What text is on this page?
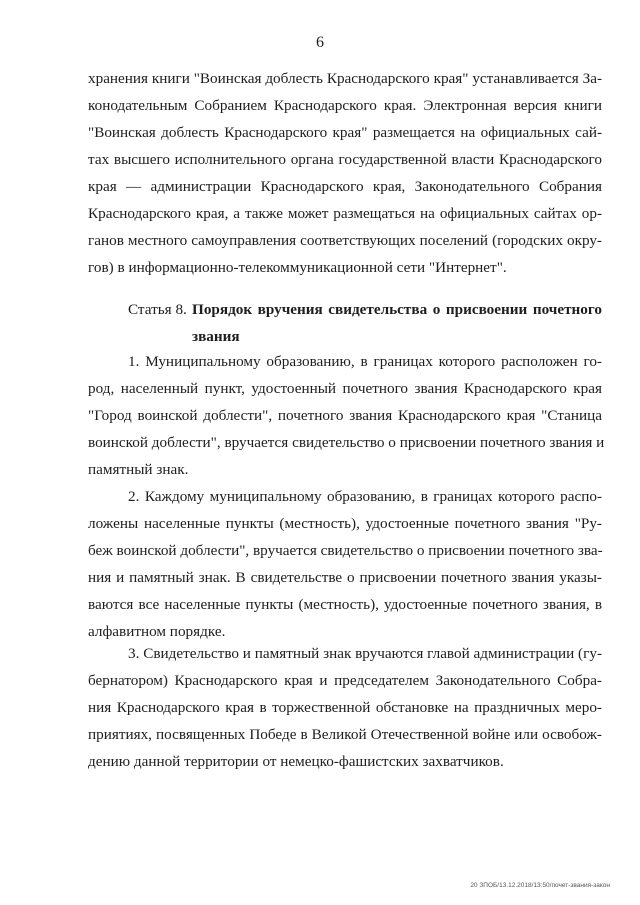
6
хранения книги "Воинская доблесть Краснодарского края" устанавливается За-
конодательным Собранием Краснодарского края. Электронная версия книги
"Воинская доблесть Краснодарского края" размещается на официальных сай-
тах высшего исполнительного органа государственной власти Краснодарского
края — администрации Краснодарского края, Законодательного Собрания
Краснодарского края, а также может размещаться на официальных сайтах ор-
ганов местного самоуправления соответствующих поселений (городских окру-
гов) в информационно-телекоммуникационной сети "Интернет".
Статья 8. Порядок вручения свидетельства о присвоении почетного
звания
1. Муниципальному образованию, в границах которого расположен го-
род, населенный пункт, удостоенный почетного звания Краснодарского края
"Город воинской доблести", почетного звания Краснодарского края "Станица
воинской доблести", вручается свидетельство о присвоении почетного звания и
памятный знак.
2. Каждому муниципальному образованию, в границах которого распо-
ложены населенные пункты (местность), удостоенные почетного звания "Ру-
беж воинской доблести", вручается свидетельство о присвоении почетного зва-
ния и памятный знак. В свидетельстве о присвоении почетного звания указы-
ваются все населенные пункты (местность), удостоенные почетного звания, в
алфавитном порядке.
3. Свидетельство и памятный знак вручаются главой администрации (гу-
бернатором) Краснодарского края и председателем Законодательного Собра-
ния Краснодарского края в торжественной обстановке на праздничных меро-
приятиях, посвященных Победе в Великой Отечественной войне или освобож-
дению данной территории от немецко-фашистских захватчиков.
20 ЗПОБ/13.12.2018/13:50/почет-звания-закон
